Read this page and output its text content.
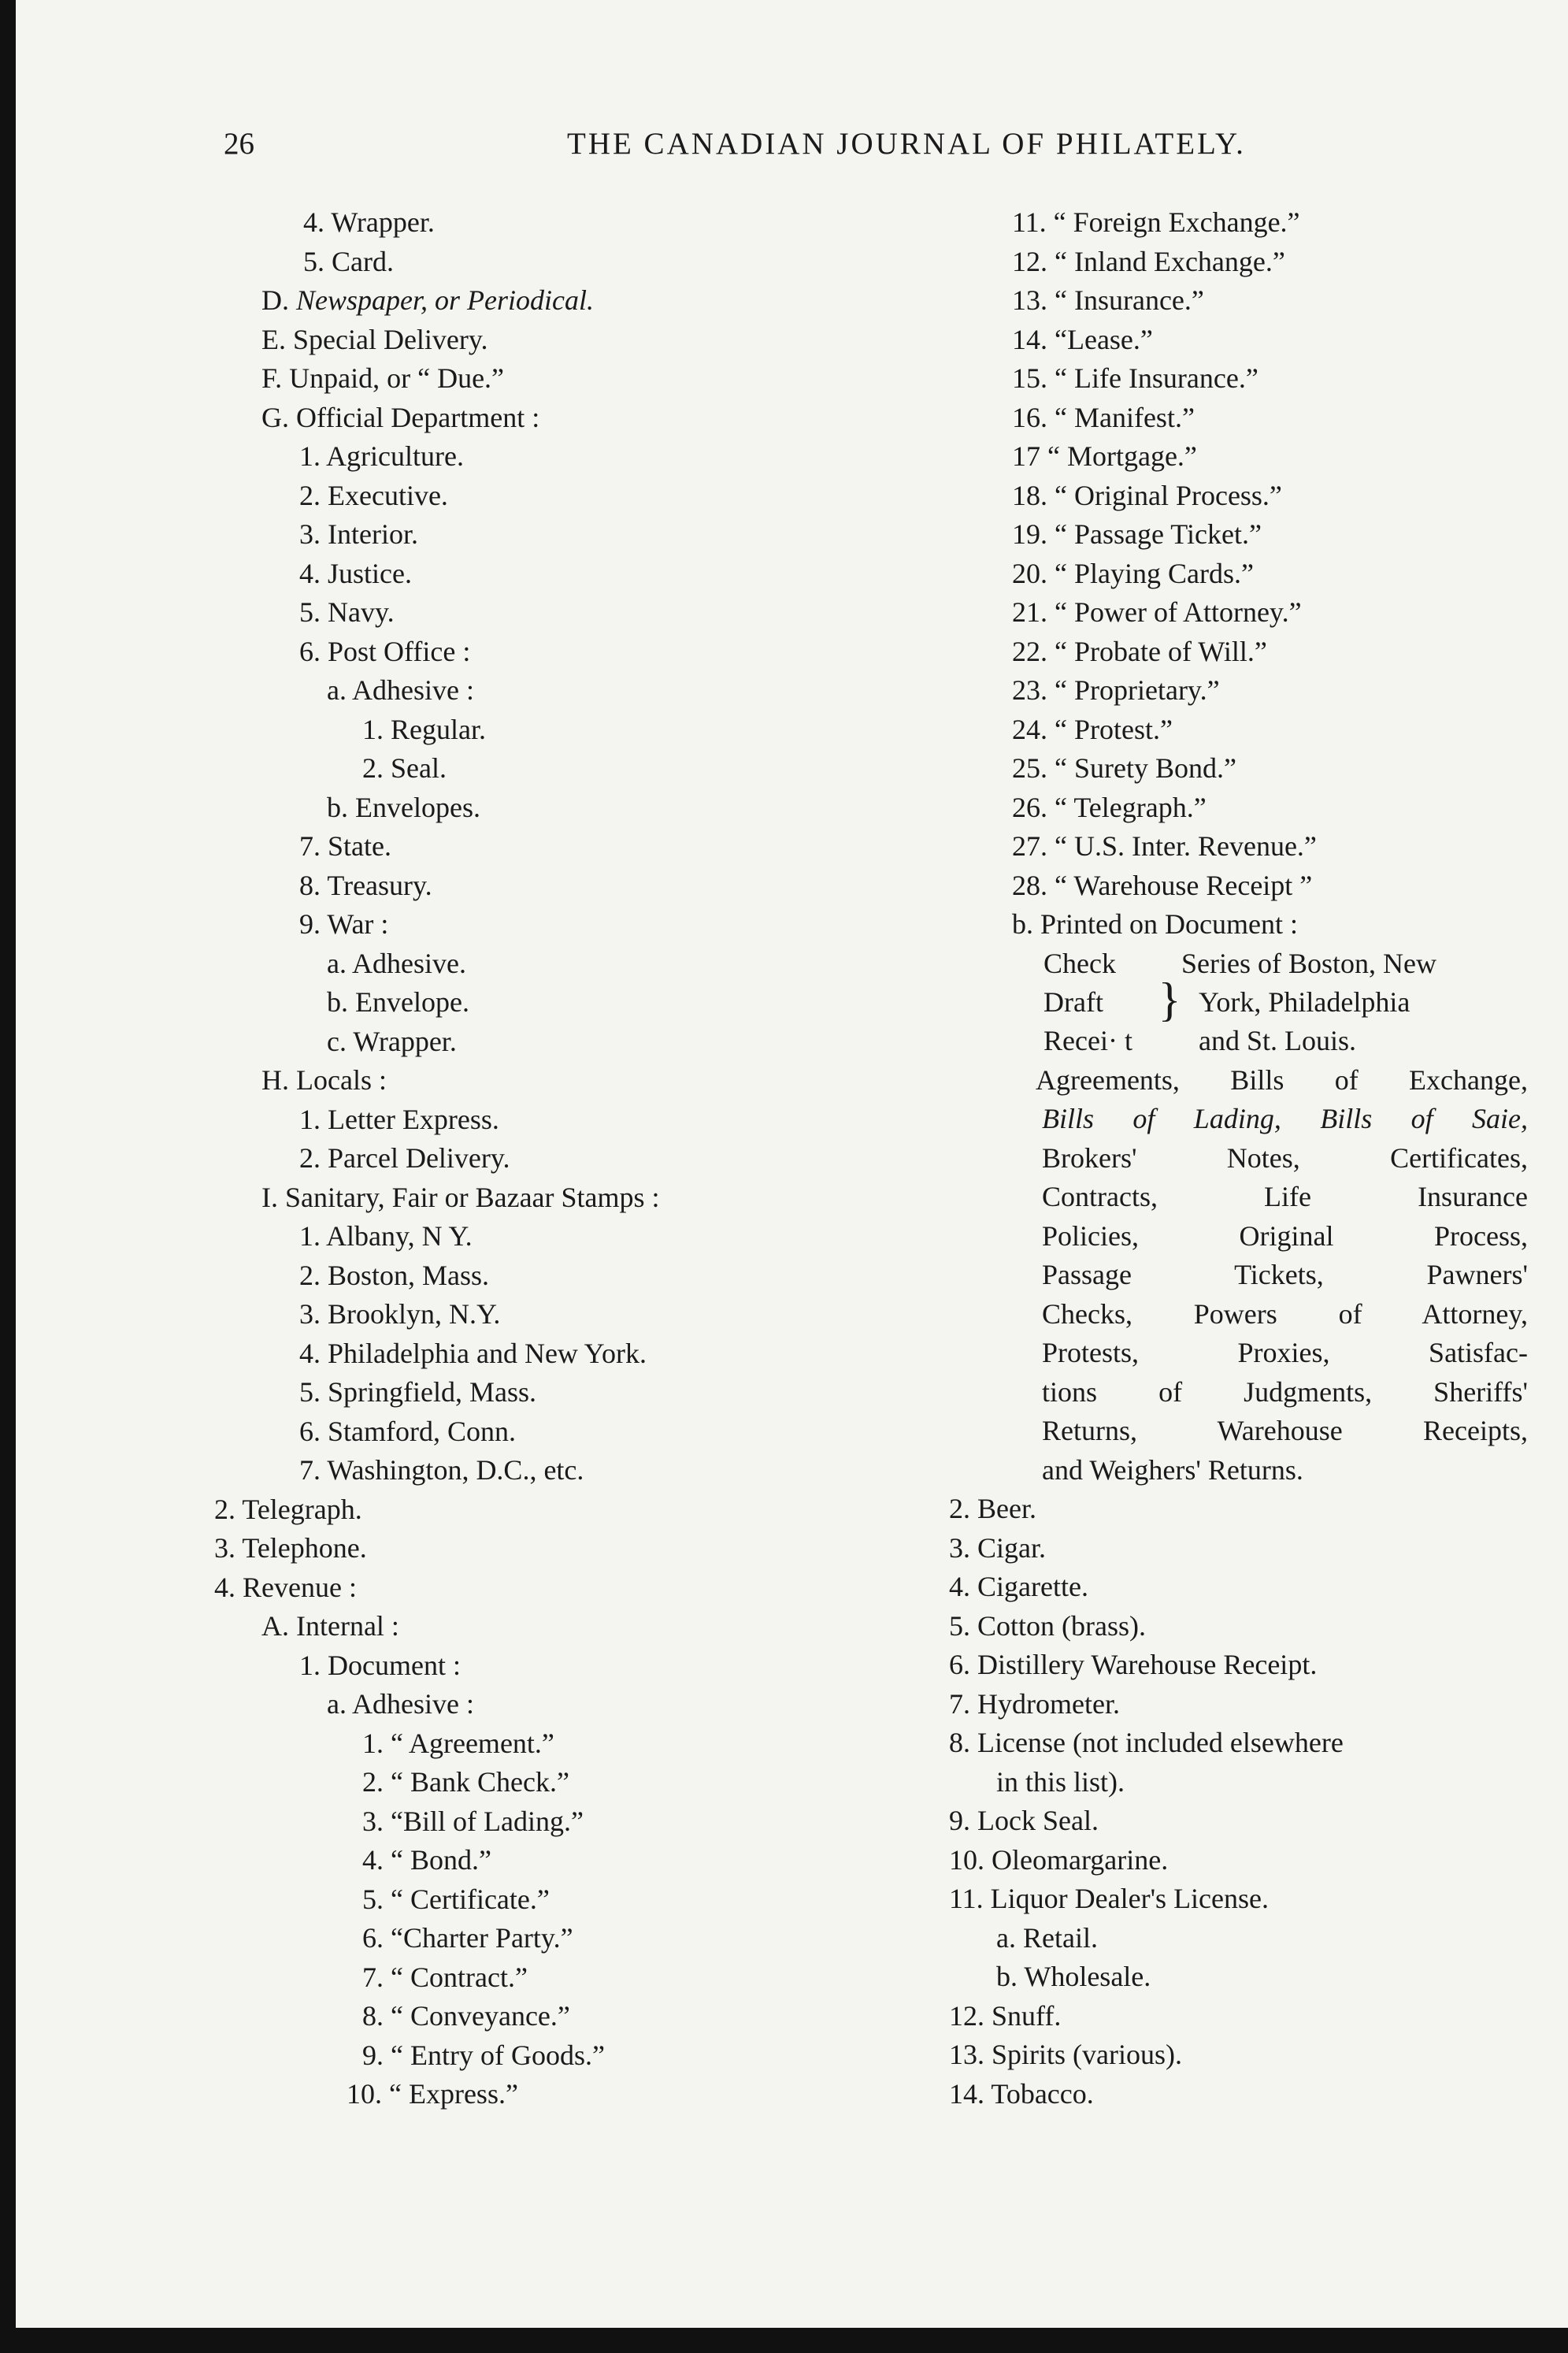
26	THE CANADIAN JOURNAL OF PHILATELY.
4. Wrapper.
5. Card.
D. Newspaper, or Periodical.
E. Special Delivery.
F. Unpaid, or “ Due.”
G. Official Department :
1. Agriculture.
2. Executive.
3. Interior.
4. Justice.
5. Navy.
6. Post Office :
a. Adhesive :
1. Regular.
2. Seal.
b. Envelopes.
7. State.
8. Treasury.
9. War :
a. Adhesive.
b. Envelope.
c. Wrapper.
H. Locals :
1. Letter Express.
2. Parcel Delivery.
I. Sanitary, Fair or Bazaar Stamps :
1. Albany, N Y.
2. Boston, Mass.
3. Brooklyn, N.Y.
4. Philadelphia and New York.
5. Springfield, Mass.
6. Stamford, Conn.
7. Washington, D.C., etc.
2. Telegraph.
3. Telephone.
4. Revenue :
A. Internal :
1. Document :
a. Adhesive :
1. “ Agreement.”
2. “ Bank Check.”
3. “Bill of Lading.”
4. “ Bond.”
5. “ Certificate.”
6. “Charter Party.”
7. “ Contract.”
8. “ Conveyance.”
9. “ Entry of Goods.”
10. “ Express.”
11. “ Foreign Exchange.”
12. “ Inland Exchange.”
13. “ Insurance.”
14. “Lease.”
15. “ Life Insurance.”
16. “ Manifest.”
17 “ Mortgage.”
18. “ Original Process.”
19. “ Passage Ticket.”
20. “ Playing Cards.”
21. “ Power of Attorney.”
22. “ Probate of Will.”
23. “ Proprietary.”
24. “ Protest.”
25. “ Surety Bond.”
26. “ Telegraph.”
27. “ U.S. Inter. Revenue.”
28. “ Warehouse Receipt ”
b. Printed on Document :
Check
Draft
Recei· t
}
Series of Boston, New
York, Philadelphia
and St. Louis.
Agreements, Bills of Exchange,
Bills of Lading, Bills of Saie,
Brokers' Notes, Certificates,
Contracts, Life Insurance
Policies, Original Process,
Passage Tickets, Pawners'
Checks, Powers of Attorney,
Protests, Proxies, Satisfac-
tions of Judgments, Sheriffs'
Returns, Warehouse Receipts,
and Weighers' Returns.
2. Beer.
3. Cigar.
4. Cigarette.
5. Cotton (brass).
6. Distillery Warehouse Receipt.
7. Hydrometer.
8. License (not included elsewhere
in this list).
9. Lock Seal.
10. Oleomargarine.
11. Liquor Dealer's License.
a. Retail.
b. Wholesale.
12. Snuff.
13. Spirits (various).
14. Tobacco.
